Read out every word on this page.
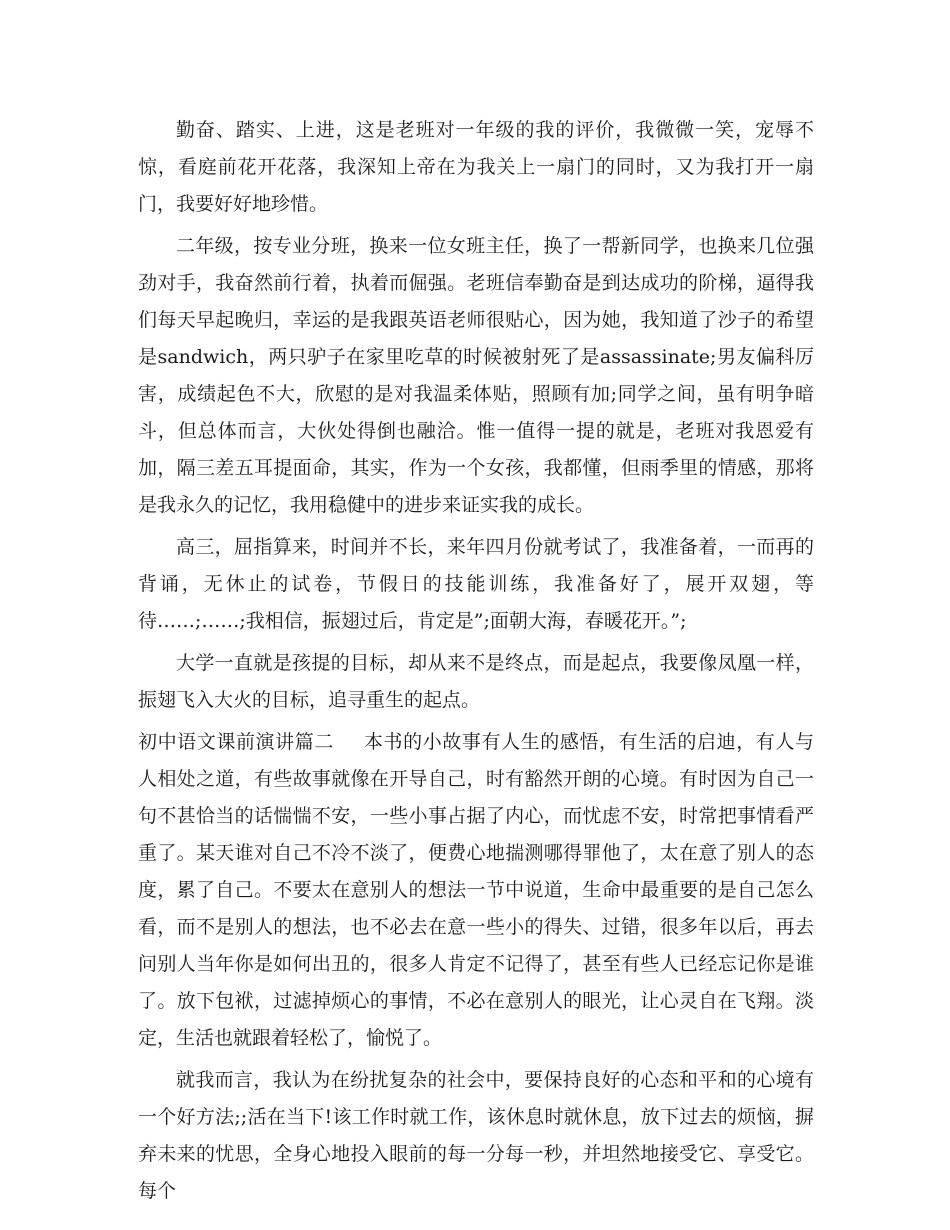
勤奋、踏实、上进，这是老班对一年级的我的评价，我微微一笑，宠辱不惊，看庭前花开花落，我深知上帝在为我关上一扇门的同时，又为我打开一扇门，我要好好地珍惜。

二年级，按专业分班，换来一位女班主任，换了一帮新同学，也换来几位强劲对手，我奋然前行着，执着而倔强。老班信奉勤奋是到达成功的阶梯，逼得我们每天早起晚归，幸运的是我跟英语老师很贴心，因为她，我知道了沙子的希望是sandwich，两只驴子在家里吃草的时候被射死了是assassinate;男友偏科厉害，成绩起色不大，欣慰的是对我温柔体贴，照顾有加;同学之间，虽有明争暗斗，但总体而言，大伙处得倒也融洽。惟一值得一提的就是，老班对我恩爱有加，隔三差五耳提面命，其实，作为一个女孩，我都懂，但雨季里的情感，那将是我永久的记忆，我用稳健中的进步来证实我的成长。

高三，屈指算来，时间并不长，来年四月份就考试了，我准备着，一而再的背诵，无休止的试卷，节假日的技能训练，我准备好了，展开双翅，等待……;……;我相信，振翅过后，肯定是”;面朝大海，春暖花开。”;

大学一直就是孩提的目标，却从来不是终点，而是起点，我要像凤凰一样，振翅飞入大火的目标，追寻重生的起点。

初中语文课前演讲篇二 本书的小故事有人生的感悟，有生活的启迪，有人与人相处之道，有些故事就像在开导自己，时有豁然开朗的心境。有时因为自己一句不甚恰当的话惴惴不安，一些小事占据了内心，而忧虑不安，时常把事情看严重了。某天谁对自己不冷不淡了，便费心地揣测哪得罪他了，太在意了别人的态度，累了自己。不要太在意别人的想法一节中说道，生命中最重要的是自己怎么看，而不是别人的想法，也不必去在意一些小的得失、过错，很多年以后，再去问别人当年你是如何出丑的，很多人肯定不记得了，甚至有些人已经忘记你是谁了。放下包袱，过滤掉烦心的事情，不必在意别人的眼光，让心灵自在飞翔。淡定，生活也就跟着轻松了，愉悦了。

就我而言，我认为在纷扰复杂的社会中，要保持良好的心态和平和的心境有一个好方法;;活在当下!该工作时就工作，该休息时就休息，放下过去的烦恼，摒弃未来的忧思，全身心地投入眼前的每一分每一秒，并坦然地接受它、享受它。每个
